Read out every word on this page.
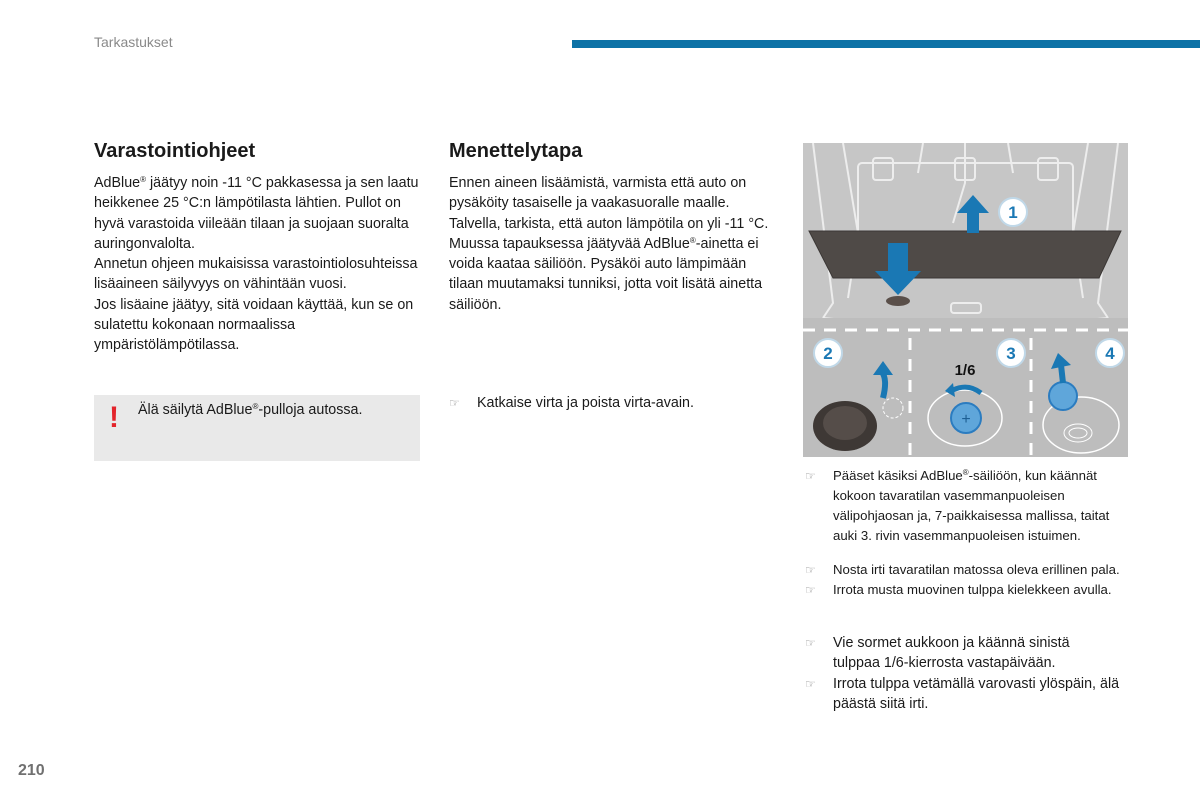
Tarkastukset
Varastointiohjeet

AdBlue® jäätyy noin -11 °C pakkasessa ja sen laatu heikkenee 25 °C:n lämpötilasta lähtien. Pullot on hyvä varastoida viileään tilaan ja suojaan suoralta auringonvalolta.

Annetun ohjeen mukaisissa varastointiolosuhteissa lisäaineen säilyvyys on vähintään vuosi.

Jos lisäaine jäätyy, sitä voidaan käyttää, kun se on sulatettu kokonaan normaalissa ympäristölämpötilassa.

! Älä säilytä AdBlue®-pulloja autossa.
Menettelytapa

Ennen aineen lisäämistä, varmista että auto on pysäköity tasaiselle ja vaakasuoralle maalle. Talvella, tarkista, että auton lämpötila on yli -11 °C. Muussa tapauksessa jäätyvää AdBlue®-ainetta ei voida kaataa säiliöön. Pysäköi auto lämpimään tilaan muutamaksi tunniksi, jotta voit lisätä ainetta säiliöön.

☞	Katkaise virta ja poista virta-avain.
1
2
+
1/6
3	4
☞	Pääset käsiksi AdBlue®-säiliöön, kun käännät kokoon tavaratilan vasemmanpuoleisen välipohjaosan ja, 7-paikkaisessa mallissa, taitat auki 3. rivin vasemmanpuoleisen istuimen.
☞	Nosta irti tavaratilan matossa oleva erillinen pala.
☞	Irrota musta muovinen tulppa kielekkeen avulla.
☞	Vie sormet aukkoon ja käännä sinistä tulppaa 1/6-kierrosta vastapäivään.
☞	Irrota tulppa vetämällä varovasti ylöspäin, älä päästä siitä irti.
210
